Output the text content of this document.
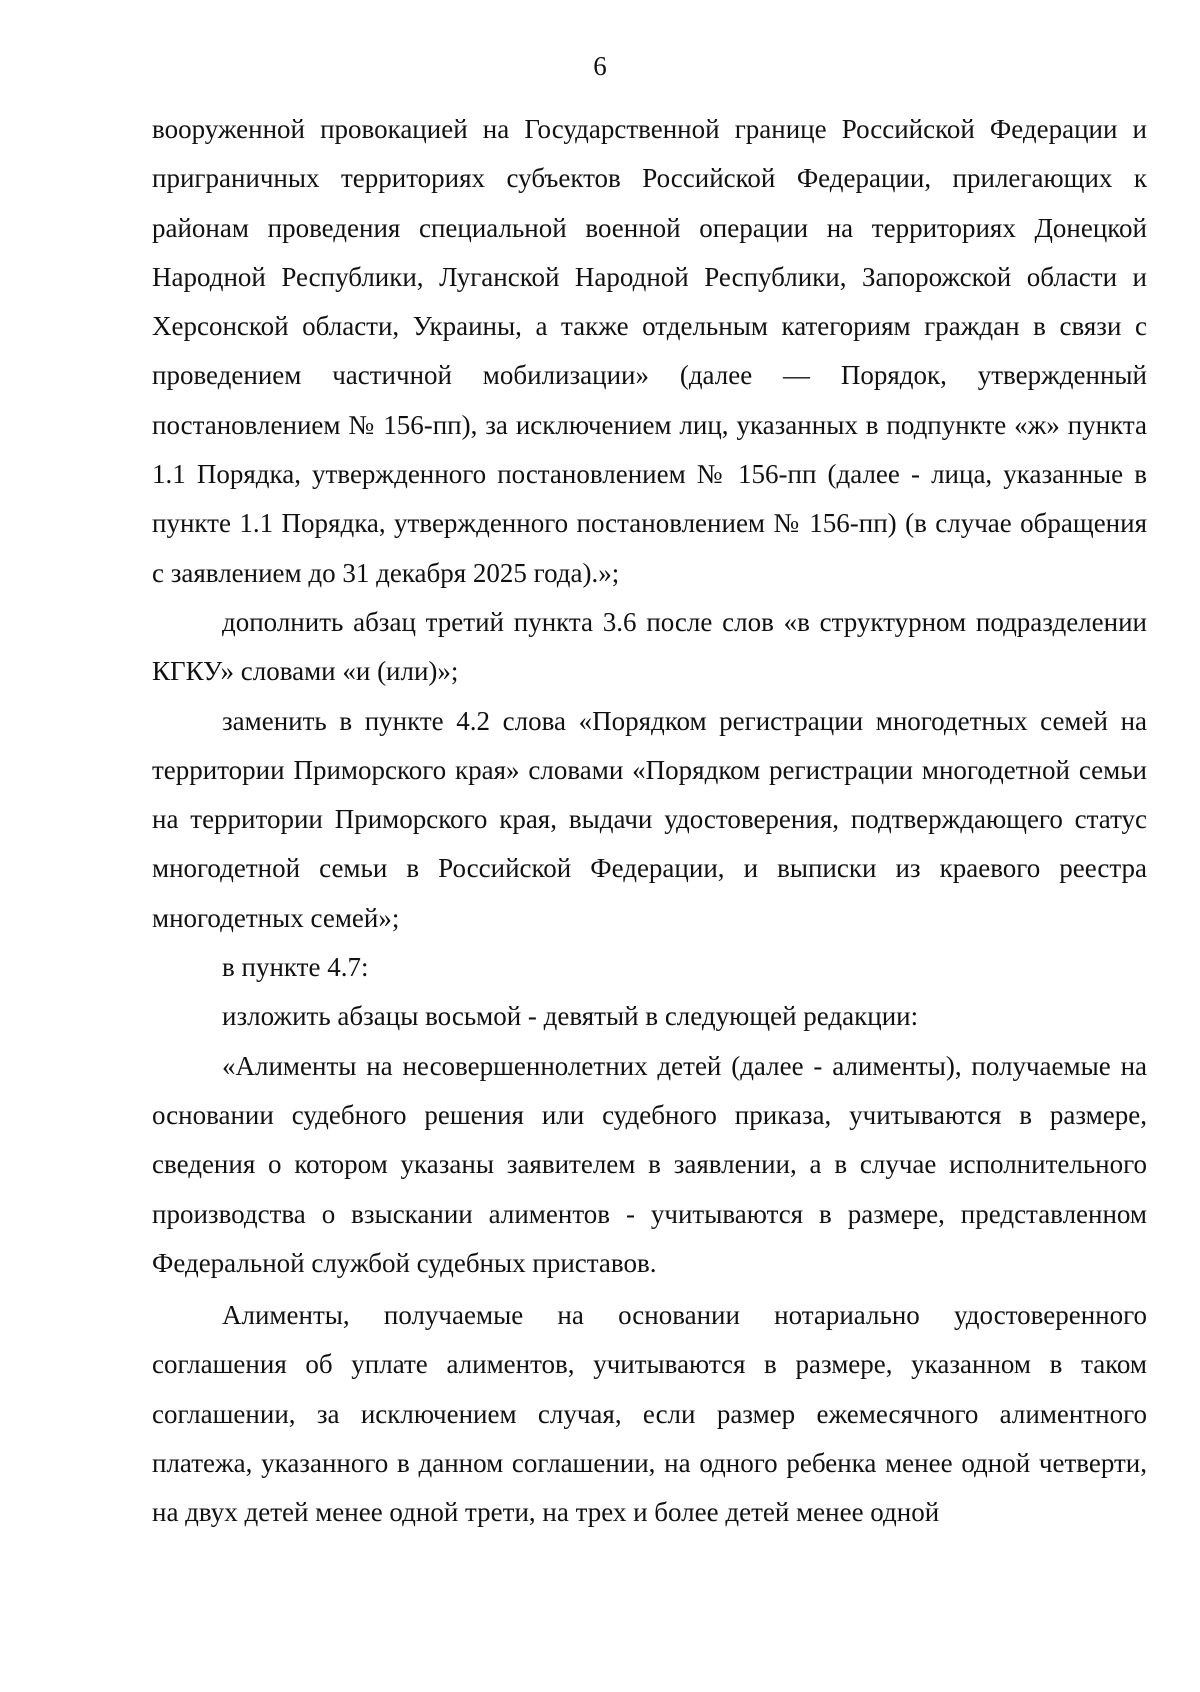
6

вооруженной провокацией на Государственной границе Российской Федерации и приграничных территориях субъектов Российской Федерации, прилегающих к районам проведения специальной военной операции на территориях Донецкой Народной Республики, Луганской Народной Республики, Запорожской области и Херсонской области, Украины, а также отдельным категориям граждан в связи с проведением частичной мобилизации» (далее — Порядок, утвержденный постановлением № 156-пп), за исключением лиц, указанных в подпункте «ж» пункта 1.1 Порядка, утвержденного постановлением № 156-пп (далее - лица, указанные в пункте 1.1 Порядка, утвержденного постановлением № 156-пп) (в случае обращения с заявлением до 31 декабря 2025 года).»;

дополнить абзац третий пункта 3.6 после слов «в структурном подразделении КГКУ» словами «и (или)»;

заменить в пункте 4.2 слова «Порядком регистрации многодетных семей на территории Приморского края» словами «Порядком регистрации многодетной семьи на территории Приморского края, выдачи удостоверения, подтверждающего статус многодетной семьи в Российской Федерации, и выписки из краевого реестра многодетных семей»;

в пункте 4.7:

изложить абзацы восьмой - девятый в следующей редакции:

«Алименты на несовершеннолетних детей (далее - алименты), получаемые на основании судебного решения или судебного приказа, учитываются в размере, сведения о котором указаны заявителем в заявлении, а в случае исполнительного производства о взыскании алиментов - учитываются в размере, представленном Федеральной службой судебных приставов.

Алименты, получаемые на основании нотариально удостоверенного соглашения об уплате алиментов, учитываются в размере, указанном в таком соглашении, за исключением случая, если размер ежемесячного алиментного платежа, указанного в данном соглашении, на одного ребенка менее одной четверти, на двух детей менее одной трети, на трех и более детей менее одной
